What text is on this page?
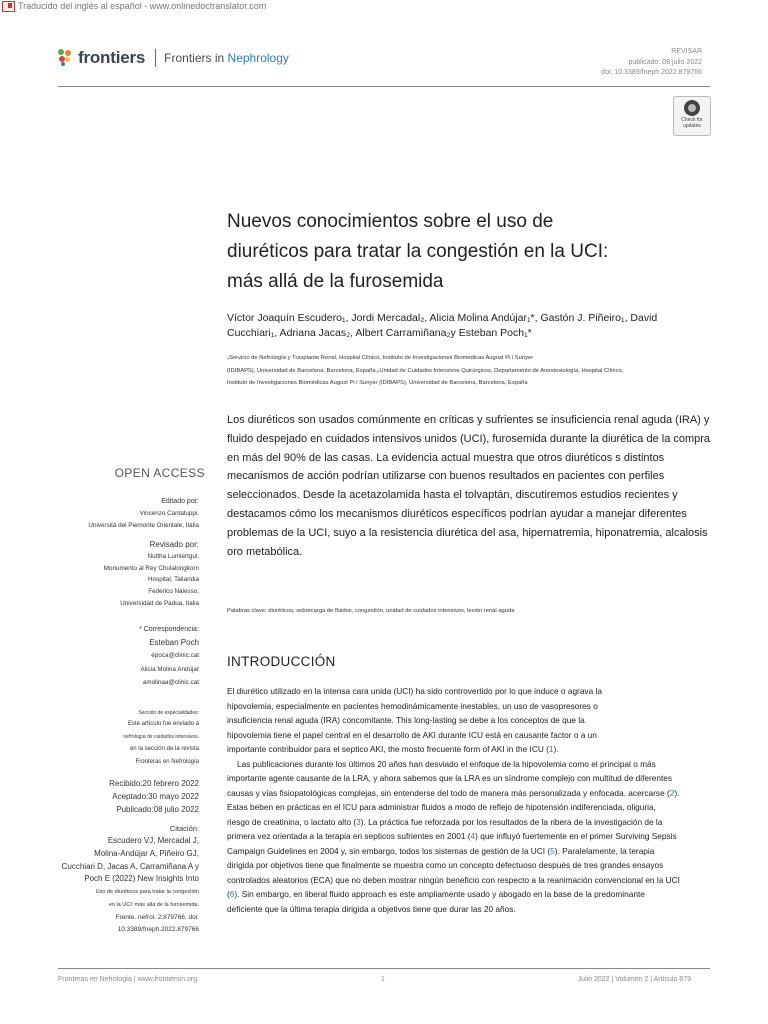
Traducido del inglés al español - www.onlinedoctranslator.com
frontiers Frontiers in Nephrology	REVISAR
publicado: 08 julio 2022
doi: 10.3389/fneph.2022.879766
Check for updates
Nuevos conocimientos sobre el uso de
diuréticos para tratar la congestión en la UCI:
más allá de la furosemida
Víctor Joaquín Escudero₁, Jordi Mercadal₂, Alicia Molina Andújar₁*, Gastón J. Piñeiro₁, David
Cucchiari₁, Adriana Jacas₂, Albert Carramiñana₂y Esteban Poch₁*
₁Servicio de Nefrología y Trasplante Renal, Hospital Clínico, Instituto de Investigaciones Biomédicas August Pi i Sunyer
(IDIBAPS), Universidad de Barcelona, Barcelona, España,₂Unidad de Cuidados Intensivos Quirúrgicos, Departamento de Anestesiología, Hospital Clínico,
Instituto de Investigaciones Biomédicas August Pi i Sunyer (IDIBAPS), Universidad de Barcelona, Barcelona, España
Los diuréticos son usados comúnmente en críticas y sufrientes se insuficiencia renal aguda (IRA) y
fluido despejado en cuidados intensivos unidos (UCI), furosemida durante la diurética de la compra
en más del 90% de las casas. La evidencia actual muestra que otros diuréticos s distintos
mecanismos de acción podrían utilizarse con buenos resultados en pacientes con perfiles
seleccionados. Desde la acetazolamida hasta el tolvaptán, discutiremos estudios recientes y
destacamos cómo los mecanismos diuréticos específicos podrían ayudar a manejar diferentes
problemas de la UCI, suyo a la resistencia diurética del asa, hipernatremia, hiponatremia, alcalosis
oro metabólica.
Palabras clave: diuréticos, sobrecarga de fluidos, congestión, unidad de cuidados intensivos, lesión renal aguda
INTRODUCCIÓN

El diurético utilizado en la intensa cara unida (UCI) ha sido controvertido por lo que induce o agrava la
hipovolemia, especialmente en pacientes hemodinámicamente inestables, un uso de vasopresores o
insuficiencia renal aguda (IRA) concomitante. This long-lasting se debe a los conceptos de que la
hipovolemia tiene el papel central en el desarrollo de AKI durante ICU está en causante factor o a un
importante contribuidor para el septico AKI, the mosto frecuente form of AKI in the ICU (1).

Las publicaciones durante los últimos 20 años han desviado el enfoque de la hipovolemia como el principal o más
importante agente causante de la LRA, y ahora sabemos que la LRA es un síndrome complejo con multitud de diferentes
causas y vías fisiopatológicas complejas, sin entenderse del todo de manera más personalizada y enfocada. acercarse (2).
Estas beben en prácticas en el ICU para administrar fluidos a modo de reflejo de hipotensión indiferenciada, oliguria,
riesgo de creatinina, o lactato alto (3). La práctica fue reforzada por los resultados de la ribera de la investigación de la
primera vez orientada a la terapia en septicos sufrientes en 2001 (4) que influyó fuertemente en el primer Surviving Sepsis
Campaign Guidelines en 2004 y, sin embargo, todos los sistemas de gestión de la UCI (5). Paralelamente, la terapia
dirigida por objetivos tiene que finalmente se muestra como un concepto defectuoso después de tres grandes ensayos
controlados aleatorios (ECA) que no deben mostrar ningún beneficio con respecto a la reanimación convencional en la UCI
(6). Sin embargo, en liberal fluido approach es este ampliamente usado y abogado en la base de la predominante
deficiente que la última terapia dirigida a objetivos tiene que durar las 20 años.

OPEN ACCESS
Editado por:
Vincenzo Cantaluppi,
Università del Piemonte Orientale, Italia
Revisado por:
Nuttha Lumlertgul,
Monumento al Rey Chulalongkorn
Hospital, Tailandia
Federico Nalesso,
Universidad de Padua, Italia
* Correspondencia:
Esteban Poch
época@clinic.cat
Alicia Molina Andújar
amolinaa@clinic.cat
Sección de especialidades:
Este artículo fue enviado a
nefrología de cuidados intensivos.
en la sección de la revista
Fronteras en Nefrología
Recibido:20 febrero 2022
Aceptado:30 mayo 2022
Publicado:08 julio 2022
Citación:
Escudero VJ, Mercadal J,
Molina-Andújar A, Piñeiro GJ,
Cucchiari D, Jacas A, Carramiñana A y
Poch E (2022) New Insights Into
Uso de diuréticos para tratar la congestión
en la UCI: más allá de la furosemida.
Frente. nefrol. 2:879766. doi:
10.3389/fneph.2022.879766
Fronteras en Nefrología | www.frontiersin.org	1	Julio 2022 | Volumen 2 | Artículo 879
